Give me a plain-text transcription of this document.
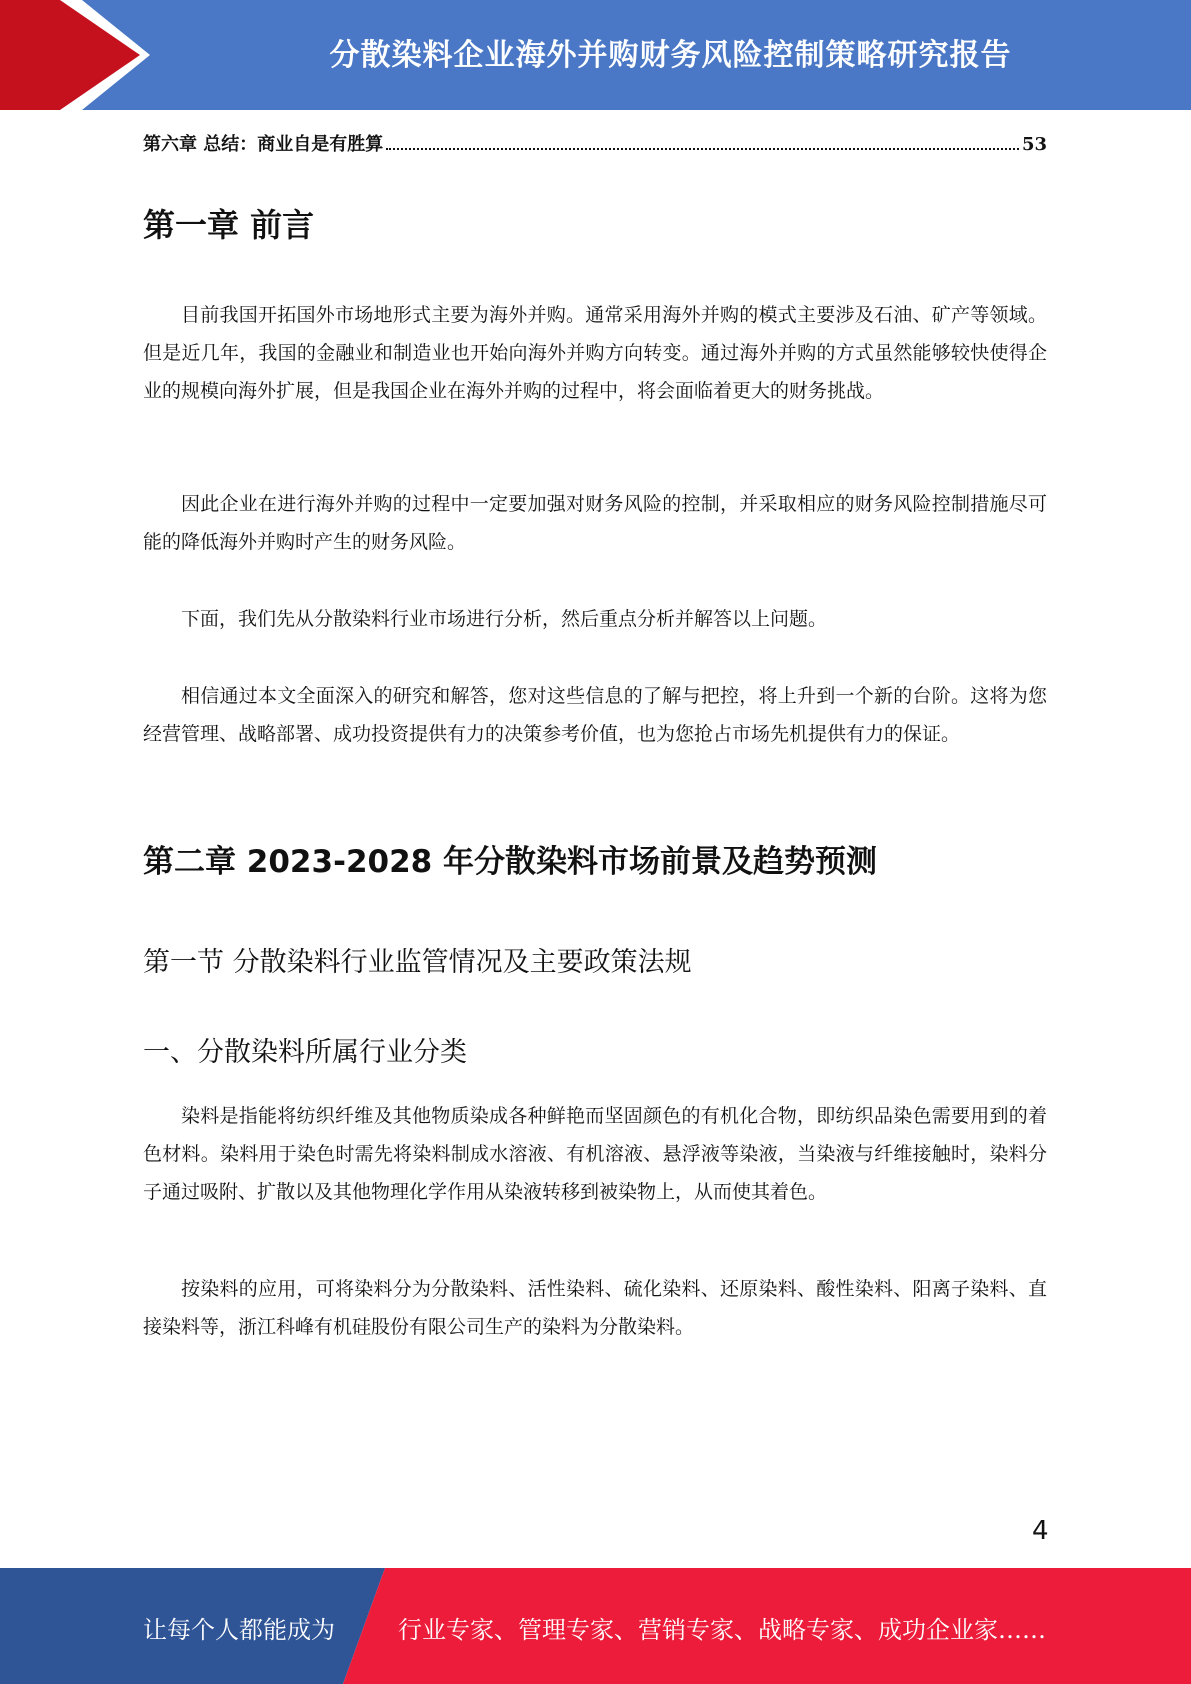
分散染料企业海外并购财务风险控制策略研究报告
第六章 总结：商业自是有胜算	53
第一章 前言

目前我国开拓国外市场地形式主要为海外并购。通常采用海外并购的模式主要涉及石油、矿产等领域。但是近几年，我国的金融业和制造业也开始向海外并购方向转变。通过海外并购的方式虽然能够较快使得企业的规模向海外扩展，但是我国企业在海外并购的过程中，将会面临着更大的财务挑战。

因此企业在进行海外并购的过程中一定要加强对财务风险的控制，并采取相应的财务风险控制措施尽可能的降低海外并购时产生的财务风险。

下面，我们先从分散染料行业市场进行分析，然后重点分析并解答以上问题。

相信通过本文全面深入的研究和解答，您对这些信息的了解与把控，将上升到一个新的台阶。这将为您经营管理、战略部署、成功投资提供有力的决策参考价值，也为您抢占市场先机提供有力的保证。

第二章 2023-2028 年分散染料市场前景及趋势预测
第一节 分散染料行业监管情况及主要政策法规
一、分散染料所属行业分类

染料是指能将纺织纤维及其他物质染成各种鲜艳而坚固颜色的有机化合物，即纺织品染色需要用到的着色材料。染料用于染色时需先将染料制成水溶液、有机溶液、悬浮液等染液，当染液与纤维接触时，染料分子通过吸附、扩散以及其他物理化学作用从染液转移到被染物上，从而使其着色。

按染料的应用，可将染料分为分散染料、活性染料、硫化染料、还原染料、酸性染料、阳离子染料、直接染料等，浙江科峰有机硅股份有限公司生产的染料为分散染料。

4
让每个人都能成为	行业专家、管理专家、营销专家、战略专家、成功企业家……
